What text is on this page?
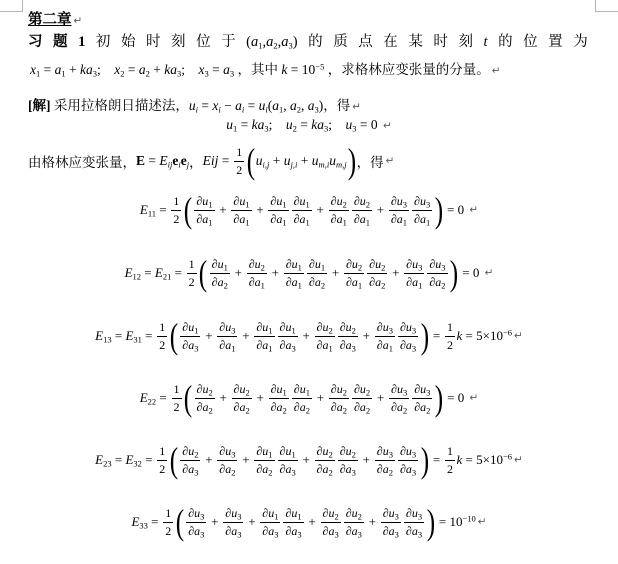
第二章 ↵
习 题 1 初 始 时 刻 位 于 $(a_1,a_2,a_3)$ 的 质 点 在 某 时 刻 t 的 位 置 为
$x_1 = a_1 + ka_3$; $x_2 = a_2 + ka_3$; $x_3 = a_3$ ，其中 $k = 10^{-5}$ ，求格林应变张量的分量。 ↵
[解] 采用拉格朗日描述法，$u_i = x_i - a_i = u_i(a_1$, $a_2$, $a_3$)，得 ↵
$u_1 = ka_3$; $u_2 = ka_3$; $u_3 = 0$ ↵
由格林应变张量， $E = E_{ij}e_ie_j$ ， Eij = $\frac{1}{2}$ ( $u_{i,j} + u_{j,i} + u_{m,i}u_{m,j}$ ) ，得 ↵
$E_{11} = \frac{1}{2}$ ( $\frac{\partial u_1}{\partial a_1} + \frac{\partial u_1}{\partial a_1} + \frac{\partial u_1}{\partial a_1} \frac{\partial u_1}{\partial a_1} + \frac{\partial u_2}{\partial a_1} \frac{\partial u_2}{\partial a_1} + \frac{\partial u_3}{\partial a_1} \frac{\partial u_3}{\partial a_1}$ ) = 0 ↵
$E_{12} = E_{21} = \frac{1}{2}$ ( $\frac{\partial u_1}{\partial a_2} + \frac{\partial u_2}{\partial a_1} + \frac{\partial u_1}{\partial a_1} \frac{\partial u_1}{\partial a_2} + \frac{\partial u_2}{\partial a_1} \frac{\partial u_2}{\partial a_2} + \frac{\partial u_3}{\partial a_1} \frac{\partial u_3}{\partial a_2}$ ) = 0 ↵
$E_{13} = E_{31} = \frac{1}{2}$ ( $\frac{\partial u_1}{\partial a_3} + \frac{\partial u_3}{\partial a_1} + \frac{\partial u_1}{\partial a_1} \frac{\partial u_1}{\partial a_3} + \frac{\partial u_2}{\partial a_1} \frac{\partial u_2}{\partial a_3} + \frac{\partial u_3}{\partial a_1} \frac{\partial u_3}{\partial a_3}$ ) = $\frac{1}{2}$ $k = 5\times 10^{-6}$ ↵
$E_{22} = \frac{1}{2}$ ( $\frac{\partial u_2}{\partial a_2} + \frac{\partial u_2}{\partial a_2} + \frac{\partial u_1}{\partial a_2} \frac{\partial u_1}{\partial a_2} + \frac{\partial u_2}{\partial a_2} \frac{\partial u_2}{\partial a_2} + \frac{\partial u_3}{\partial a_2} \frac{\partial u_3}{\partial a_2}$ ) = 0 ↵
$E_{23} = E_{32} = \frac{1}{2}$ ( $\frac{\partial u_2}{\partial a_3} + \frac{\partial u_3}{\partial a_2} + \frac{\partial u_1}{\partial a_2} \frac{\partial u_1}{\partial a_3} + \frac{\partial u_2}{\partial a_2} \frac{\partial u_2}{\partial a_3} + \frac{\partial u_3}{\partial a_2} \frac{\partial u_3}{\partial a_3}$ ) = $\frac{1}{2}$ $k = 5\times 10^{-6}$ ↵
$E_{33} = \frac{1}{2}$ ( $\frac{\partial u_3}{\partial a_3} + \frac{\partial u_3}{\partial a_3} + \frac{\partial u_1}{\partial a_3} \frac{\partial u_1}{\partial a_3} + \frac{\partial u_2}{\partial a_3} \frac{\partial u_2}{\partial a_3} + \frac{\partial u_3}{\partial a_3} \frac{\partial u_3}{\partial a_3}$ ) = $10^{-10}$ ↵
